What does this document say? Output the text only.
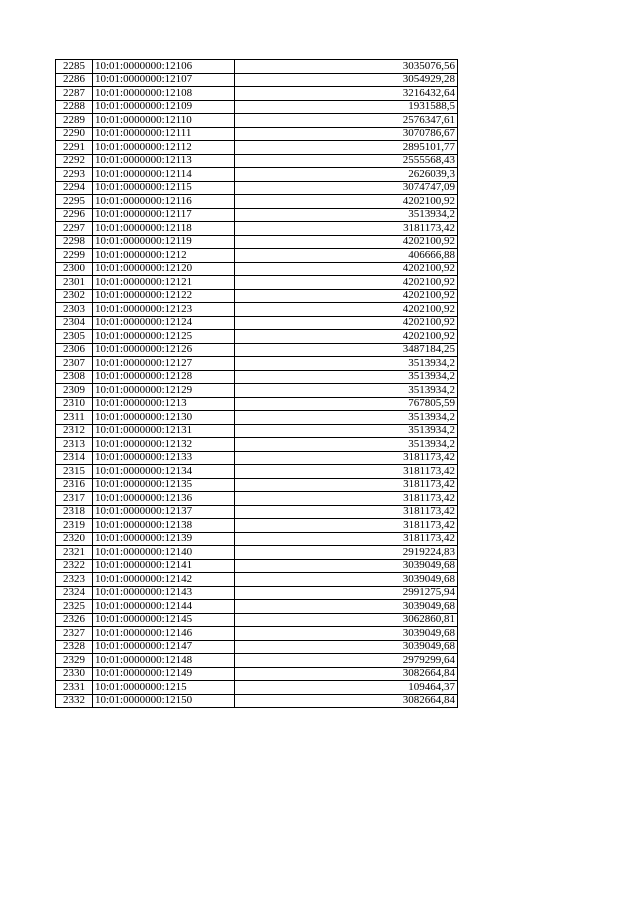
2285	10:01:0000000:12106	3035076,56
2286	10:01:0000000:12107	3054929,28
2287	10:01:0000000:12108	3216432,64
2288	10:01:0000000:12109	1931588,5
2289	10:01:0000000:12110	2576347,61
2290	10:01:0000000:12111	3070786,67
2291	10:01:0000000:12112	2895101,77
2292	10:01:0000000:12113	2555568,43
2293	10:01:0000000:12114	2626039,3
2294	10:01:0000000:12115	3074747,09
2295	10:01:0000000:12116	4202100,92
2296	10:01:0000000:12117	3513934,2
2297	10:01:0000000:12118	3181173,42
2298	10:01:0000000:12119	4202100,92
2299	10:01:0000000:1212	406666,88
2300	10:01:0000000:12120	4202100,92
2301	10:01:0000000:12121	4202100,92
2302	10:01:0000000:12122	4202100,92
2303	10:01:0000000:12123	4202100,92
2304	10:01:0000000:12124	4202100,92
2305	10:01:0000000:12125	4202100,92
2306	10:01:0000000:12126	3487184,25
2307	10:01:0000000:12127	3513934,2
2308	10:01:0000000:12128	3513934,2
2309	10:01:0000000:12129	3513934,2
2310	10:01:0000000:1213	767805,59
2311	10:01:0000000:12130	3513934,2
2312	10:01:0000000:12131	3513934,2
2313	10:01:0000000:12132	3513934,2
2314	10:01:0000000:12133	3181173,42
2315	10:01:0000000:12134	3181173,42
2316	10:01:0000000:12135	3181173,42
2317	10:01:0000000:12136	3181173,42
2318	10:01:0000000:12137	3181173,42
2319	10:01:0000000:12138	3181173,42
2320	10:01:0000000:12139	3181173,42
2321	10:01:0000000:12140	2919224,83
2322	10:01:0000000:12141	3039049,68
2323	10:01:0000000:12142	3039049,68
2324	10:01:0000000:12143	2991275,94
2325	10:01:0000000:12144	3039049,68
2326	10:01:0000000:12145	3062860,81
2327	10:01:0000000:12146	3039049,68
2328	10:01:0000000:12147	3039049,68
2329	10:01:0000000:12148	2979299,64
2330	10:01:0000000:12149	3082664,84
2331	10:01:0000000:1215	109464,37
2332	10:01:0000000:12150	3082664,84
